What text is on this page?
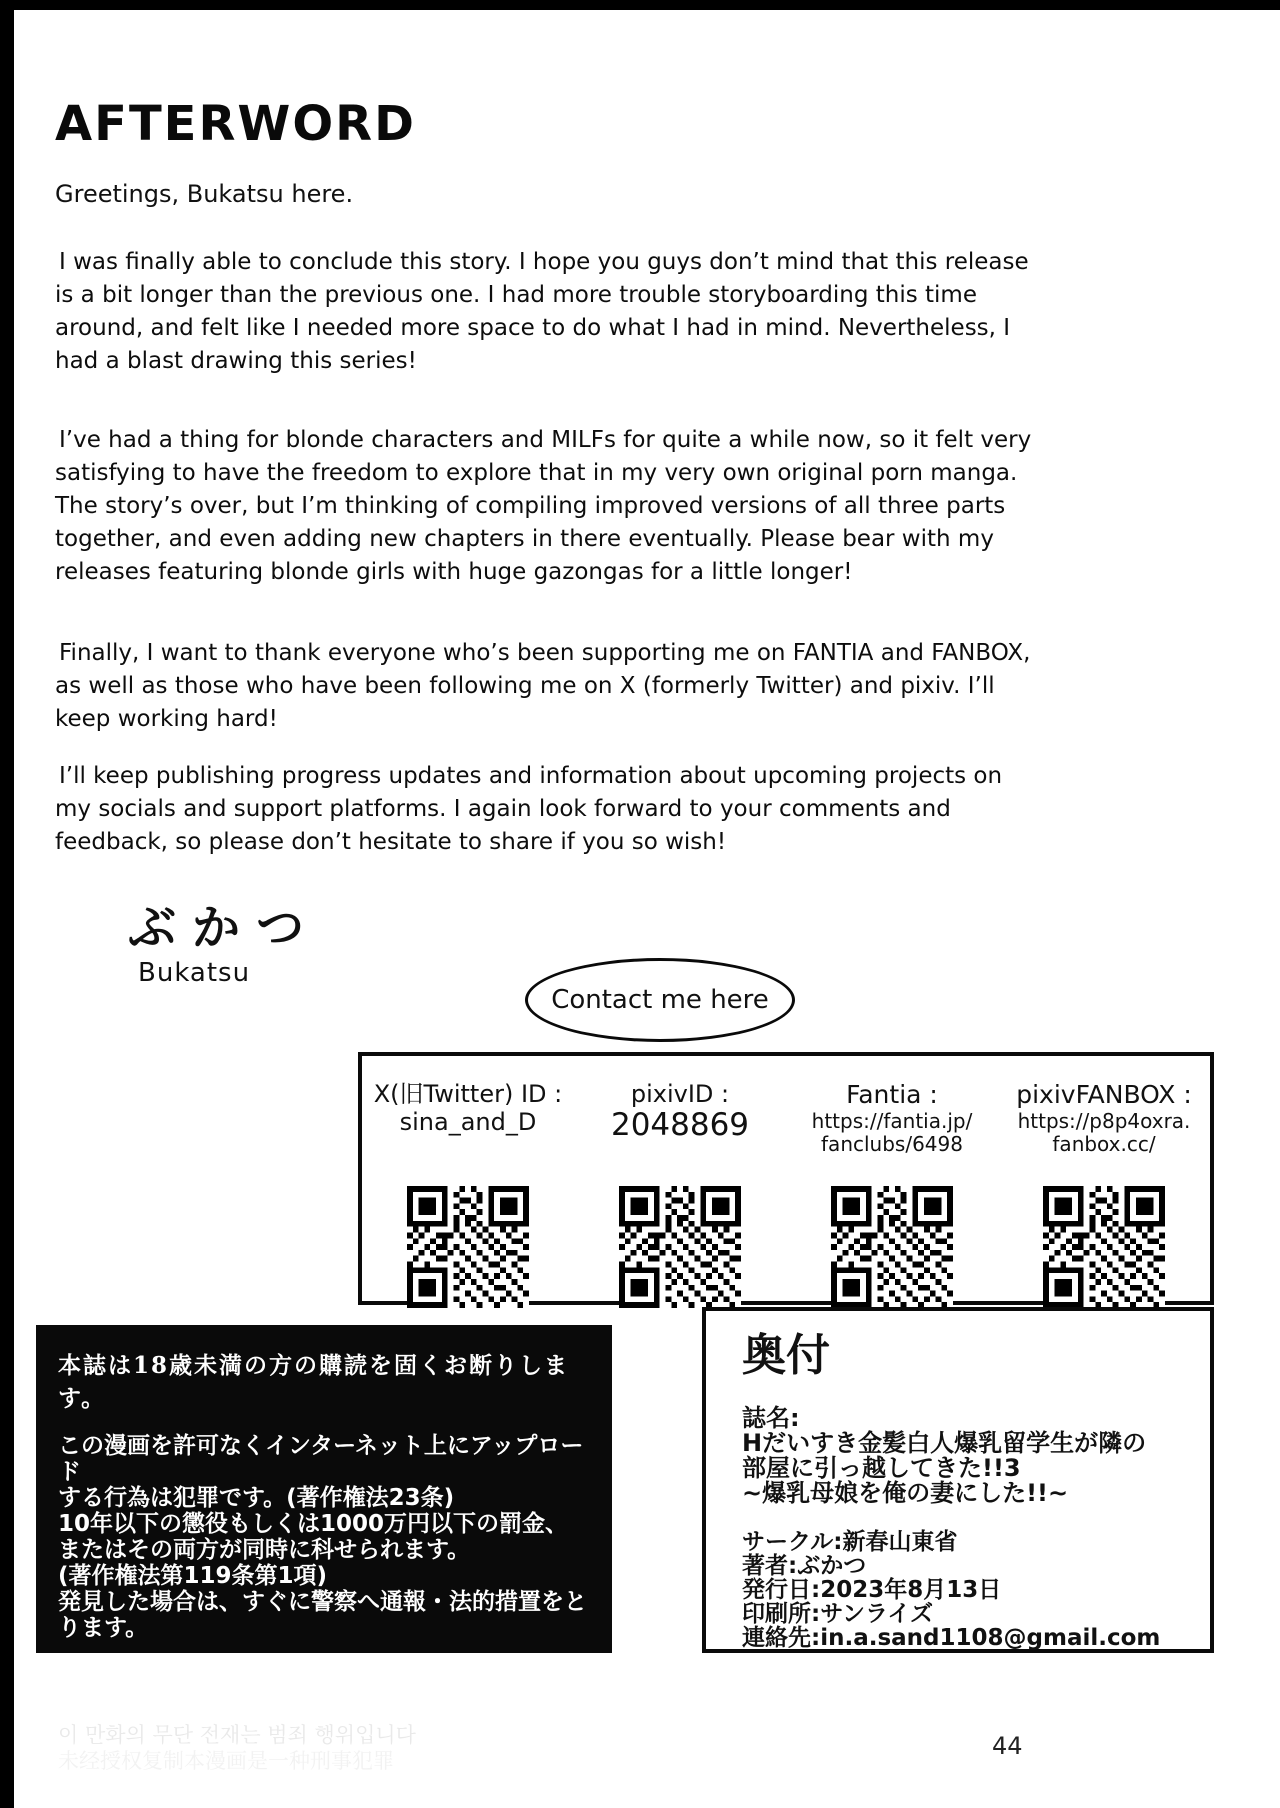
AFTERWORD

Greetings, Bukatsu here.

I was finally able to conclude this story. I hope you guys don’t mind that this release is a bit longer than the previous one. I had more trouble storyboarding this time around, and felt like I needed more space to do what I had in mind. Nevertheless, I had a blast drawing this series!

I’ve had a thing for blonde characters and MILFs for quite a while now, so it felt very satisfying to have the freedom to explore that in my very own original porn manga. The story’s over, but I’m thinking of compiling improved versions of all three parts together, and even adding new chapters in there eventually. Please bear with my releases featuring blonde girls with huge gazongas for a little longer!

Finally, I want to thank everyone who’s been supporting me on FANTIA and FANBOX, as well as those who have been following me on X (formerly Twitter) and pixiv. I’ll keep working hard!

I’ll keep publishing progress updates and information about upcoming projects on my socials and support platforms. I again look forward to your comments and feedback, so please don’t hesitate to share if you so wish!

ぶかつ
Bukatsu
Contact me here
X(旧Twitter) ID :
sina_and_D
pixivID :
2048869
Fantia :
https://fantia.jp/
fanclubs/6498
pixivFANBOX :
https://p8p4oxra.
fanbox.cc/
本誌は18歳未満の方の購読を固くお断りします。
この漫画を許可なくインターネット上にアップロード
する行為は犯罪です。(著作権法23条)
10年以下の懲役もしくは1000万円以下の罰金、
またはその両方が同時に科せられます。
(著作権法第119条第1項)
発見した場合は、すぐに警察へ通報・法的措置をとります。
Uploading this cartoon on the Internet without permission
is a crime. I will take legal action as soon as I find it.
이 만화의 무단 전재는 범죄 행위입니다
未经授权复制本漫画是一种刑事犯罪
奥付
誌名:
Hだいすき金髪白人爆乳留学生が隣の
部屋に引っ越してきた!!3
~爆乳母娘を俺の妻にした!!~
サークル:新春山東省
著者:ぶかつ
発行日:2023年8月13日
印刷所:サンライズ
連絡先:in.a.sand1108@gmail.com
44
